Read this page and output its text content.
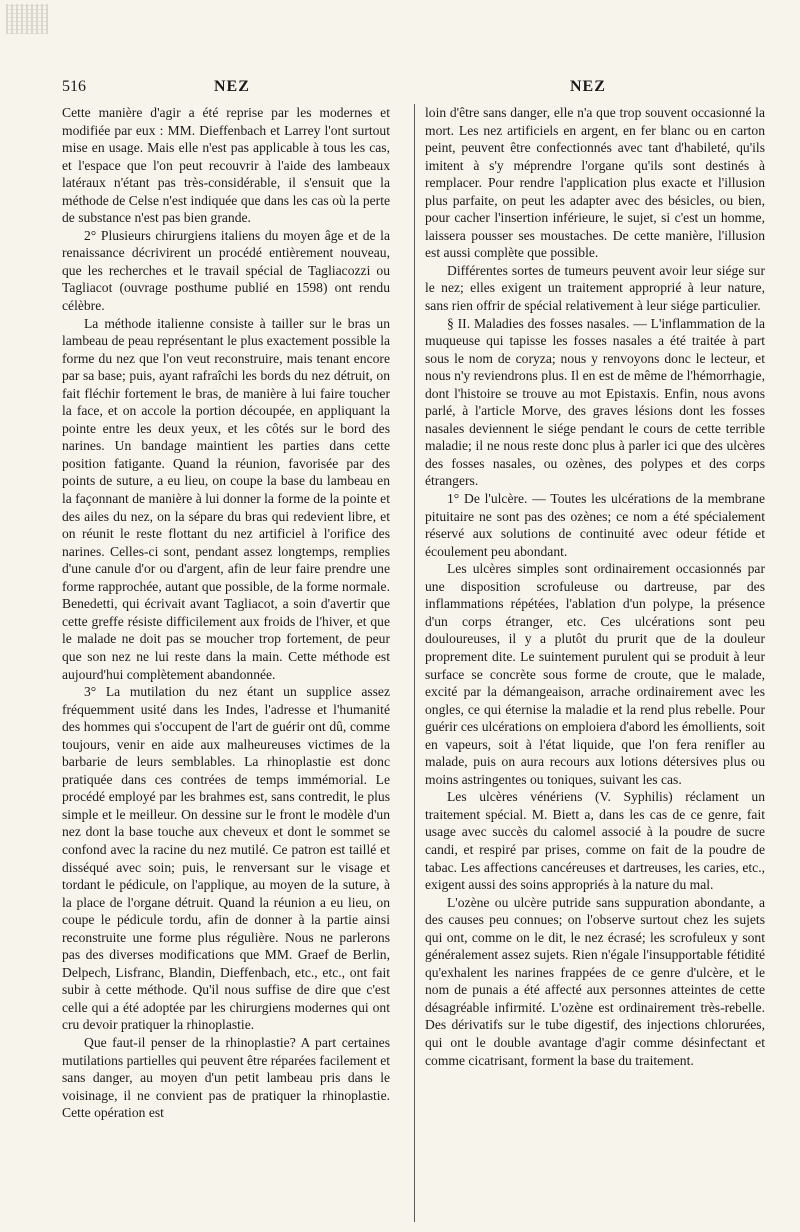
516	NEZ	NEZ

Cette manière d'agir a été reprise par les modernes et modifiée par eux : MM. Dieffenbach et Larrey l'ont surtout mise en usage. Mais elle n'est pas applicable à tous les cas, et l'espace que l'on peut recouvrir à l'aide des lambeaux latéraux n'étant pas très-considérable, il s'ensuit que la méthode de Celse n'est indiquée que dans les cas où la perte de substance n'est pas bien grande.

2° Plusieurs chirurgiens italiens du moyen âge et de la renaissance décrivirent un procédé entièrement nouveau, que les recherches et le travail spécial de Tagliacozzi ou Tagliacot (ouvrage posthume publié en 1598) ont rendu célèbre.

La méthode italienne consiste à tailler sur le bras un lambeau de peau représentant le plus exactement possible la forme du nez que l'on veut reconstruire, mais tenant encore par sa base; puis, ayant rafraîchi les bords du nez détruit, on fait fléchir fortement le bras, de manière à lui faire toucher la face, et on accole la portion découpée, en appliquant la pointe entre les deux yeux, et les côtés sur le bord des narines. Un bandage maintient les parties dans cette position fatigante. Quand la réunion, favorisée par des points de suture, a eu lieu, on coupe la base du lambeau en la façonnant de manière à lui donner la forme de la pointe et des ailes du nez, on la sépare du bras qui redevient libre, et on réunit le reste flottant du nez artificiel à l'orifice des narines. Celles-ci sont, pendant assez longtemps, remplies d'une canule d'or ou d'argent, afin de leur faire prendre une forme rapprochée, autant que possible, de la forme normale. Benedetti, qui écrivait avant Tagliacot, a soin d'avertir que cette greffe résiste difficilement aux froids de l'hiver, et que le malade ne doit pas se moucher trop fortement, de peur que son nez ne lui reste dans la main. Cette méthode est aujourd'hui complètement abandonnée.

3° La mutilation du nez étant un supplice assez fréquemment usité dans les Indes, l'adresse et l'humanité des hommes qui s'occupent de l'art de guérir ont dû, comme toujours, venir en aide aux malheureuses victimes de la barbarie de leurs semblables. La rhinoplastie est donc pratiquée dans ces contrées de temps immémorial. Le procédé employé par les brahmes est, sans contredit, le plus simple et le meilleur. On dessine sur le front le modèle d'un nez dont la base touche aux cheveux et dont le sommet se confond avec la racine du nez mutilé. Ce patron est taillé et disséqué avec soin; puis, le renversant sur le visage et tordant le pédicule, on l'applique, au moyen de la suture, à la place de l'organe détruit. Quand la réunion a eu lieu, on coupe le pédicule tordu, afin de donner à la partie ainsi reconstruite une forme plus régulière. Nous ne parlerons pas des diverses modifications que MM. Graef de Berlin, Delpech, Lisfranc, Blandin, Dieffenbach, etc., etc., ont fait subir à cette méthode. Qu'il nous suffise de dire que c'est celle qui a été adoptée par les chirurgiens modernes qui ont cru devoir pratiquer la rhinoplastie.

Que faut-il penser de la rhinoplastie? A part certaines mutilations partielles qui peuvent être réparées facilement et sans danger, au moyen d'un petit lambeau pris dans le voisinage, il ne convient pas de pratiquer la rhinoplastie. Cette opération est

loin d'être sans danger, elle n'a que trop souvent occasionné la mort. Les nez artificiels en argent, en fer blanc ou en carton peint, peuvent être confectionnés avec tant d'habileté, qu'ils imitent à s'y méprendre l'organe qu'ils sont destinés à remplacer. Pour rendre l'application plus exacte et l'illusion plus parfaite, on peut les adapter avec des bésicles, ou bien, pour cacher l'insertion inférieure, le sujet, si c'est un homme, laissera pousser ses moustaches. De cette manière, l'illusion est aussi complète que possible.

Différentes sortes de tumeurs peuvent avoir leur siége sur le nez; elles exigent un traitement approprié à leur nature, sans rien offrir de spécial relativement à leur siége particulier.

§ II. Maladies des fosses nasales. — L'inflammation de la muqueuse qui tapisse les fosses nasales a été traitée à part sous le nom de coryza; nous y renvoyons donc le lecteur, et nous n'y reviendrons plus. Il en est de même de l'hémorrhagie, dont l'histoire se trouve au mot Epistaxis. Enfin, nous avons parlé, à l'article Morve, des graves lésions dont les fosses nasales deviennent le siége pendant le cours de cette terrible maladie; il ne nous reste donc plus à parler ici que des ulcères des fosses nasales, ou ozènes, des polypes et des corps étrangers.

1° De l'ulcère. — Toutes les ulcérations de la membrane pituitaire ne sont pas des ozènes; ce nom a été spécialement réservé aux solutions de continuité avec odeur fétide et écoulement peu abondant.

Les ulcères simples sont ordinairement occasionnés par une disposition scrofuleuse ou dartreuse, par des inflammations répétées, l'ablation d'un polype, la présence d'un corps étranger, etc. Ces ulcérations sont peu douloureuses, il y a plutôt du prurit que de la douleur proprement dite. Le suintement purulent qui se produit à leur surface se concrète sous forme de croute, que le malade, excité par la démangeaison, arrache ordinairement avec les ongles, ce qui éternise la maladie et la rend plus rebelle. Pour guérir ces ulcérations on emploiera d'abord les émollients, soit en vapeurs, soit à l'état liquide, que l'on fera renifler au malade, puis on aura recours aux lotions détersives plus ou moins astringentes ou toniques, suivant les cas.

Les ulcères vénériens (V. Syphilis) réclament un traitement spécial. M. Biett a, dans les cas de ce genre, fait usage avec succès du calomel associé à la poudre de sucre candi, et respiré par prises, comme on fait de la poudre de tabac. Les affections cancéreuses et dartreuses, les caries, etc., exigent aussi des soins appropriés à la nature du mal.

L'ozène ou ulcère putride sans suppuration abondante, a des causes peu connues; on l'observe surtout chez les sujets qui ont, comme on le dit, le nez écrasé; les scrofuleux y sont généralement assez sujets. Rien n'égale l'insupportable fétidité qu'exhalent les narines frappées de ce genre d'ulcère, et le nom de punais a été affecté aux personnes atteintes de cette désagréable infirmité. L'ozène est ordinairement très-rebelle. Des dérivatifs sur le tube digestif, des injections chlorurées, qui ont le double avantage d'agir comme désinfectant et comme cicatrisant, forment la base du traitement.
